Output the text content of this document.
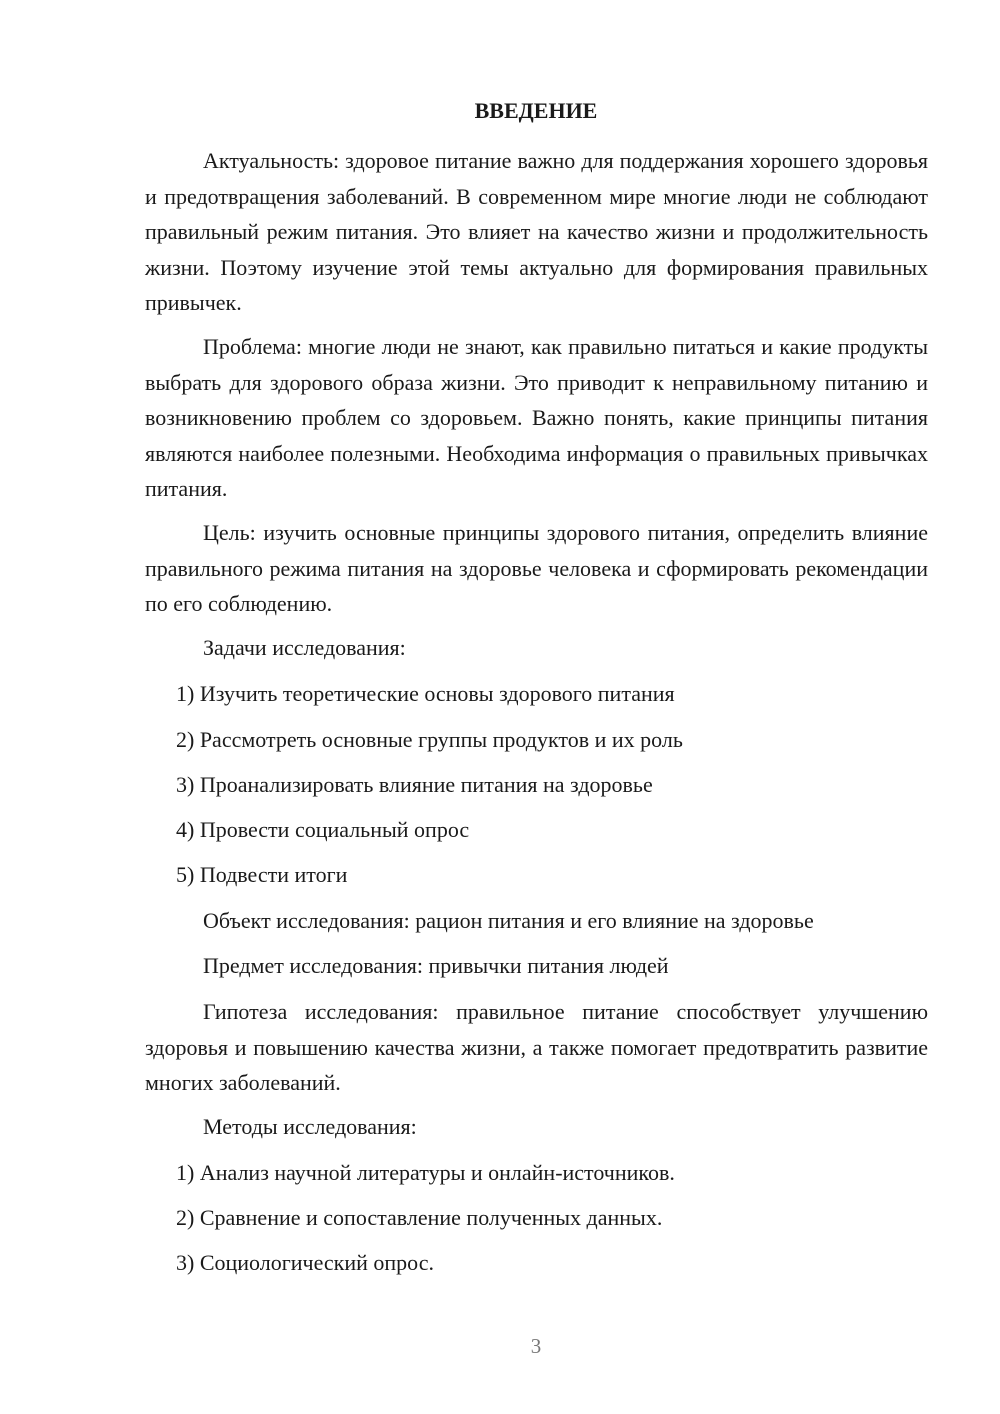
ВВЕДЕНИЕ

Актуальность: здоровое питание важно для поддержания хорошего здоровья и предотвращения заболеваний. В современном мире многие люди не соблюдают правильный режим питания. Это влияет на качество жизни и продолжительность жизни. Поэтому изучение этой темы актуально для формирования правильных привычек.

Проблема: многие люди не знают, как правильно питаться и какие продукты выбрать для здорового образа жизни. Это приводит к неправильному питанию и возникновению проблем со здоровьем. Важно понять, какие принципы питания являются наиболее полезными. Необходима информация о правильных привычках питания.

Цель: изучить основные принципы здорового питания, определить влияние правильного режима питания на здоровье человека и сформировать рекомендации по его соблюдению.

Задачи исследования:
1) Изучить теоретические основы здорового питания
2) Рассмотреть основные группы продуктов и их роль
3) Проанализировать влияние питания на здоровье
4) Провести социальный опрос
5) Подвести итоги
Объект исследования: рацион питания и его влияние на здоровье
Предмет исследования: привычки питания людей

Гипотеза исследования: правильное питание способствует улучшению здоровья и повышению качества жизни, а также помогает предотвратить развитие многих заболеваний.

Методы исследования:
1) Анализ научной литературы и онлайн-источников.
2) Сравнение и сопоставление полученных данных.
3) Социологический опрос.
3
